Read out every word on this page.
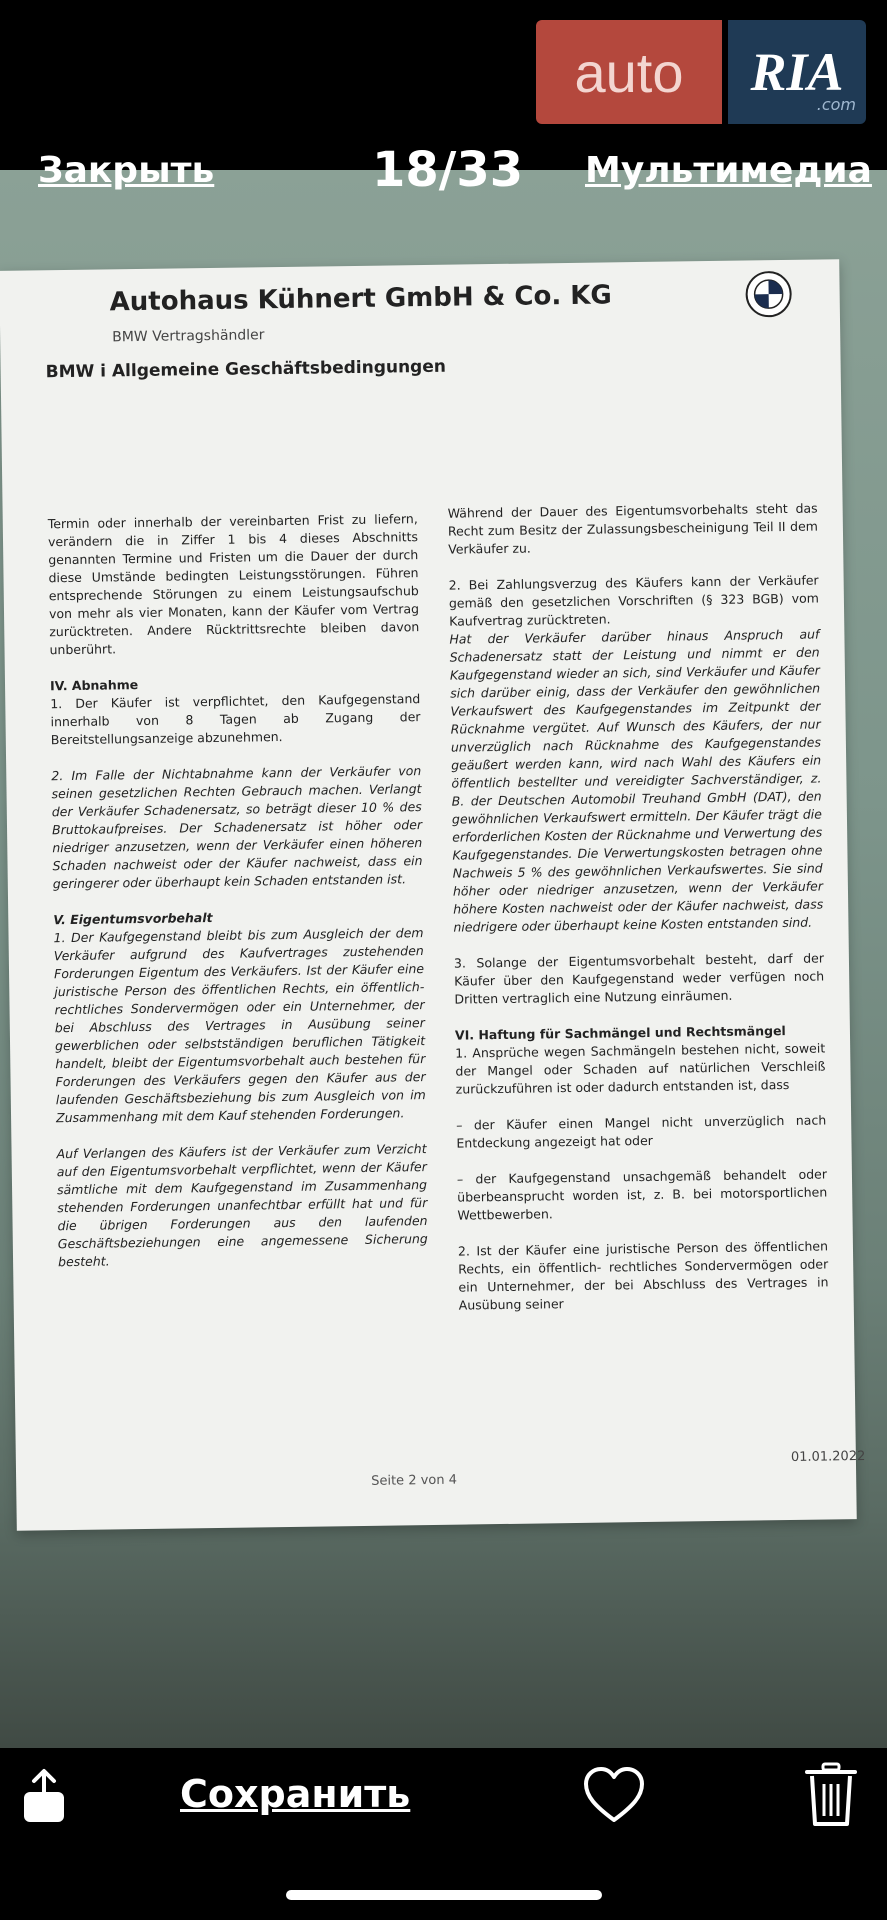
auto RIA
.com
Autohaus Kühnert GmbH & Co. KG
BMW Vertragshändler
BMW i Allgemeine Geschäftsbedingungen

Termin oder innerhalb der vereinbarten Frist zu liefern, verändern die in Ziffer 1 bis 4 dieses Abschnitts genannten Termine und Fristen um die Dauer der durch diese Umstände bedingten Leistungsstörungen. Führen entsprechende Störungen zu einem Leistungsaufschub von mehr als vier Monaten, kann der Käufer vom Vertrag zurücktreten. Andere Rücktrittsrechte bleiben davon unberührt.

IV. Abnahme

1. Der Käufer ist verpflichtet, den Kaufgegenstand innerhalb von 8 Tagen ab Zugang der Bereitstellungsanzeige abzunehmen.

2. Im Falle der Nichtabnahme kann der Verkäufer von seinen gesetzlichen Rechten Gebrauch machen. Verlangt der Verkäufer Schadenersatz, so beträgt dieser 10 % des Bruttokaufpreises. Der Schadenersatz ist höher oder niedriger anzusetzen, wenn der Verkäufer einen höheren Schaden nachweist oder der Käufer nachweist, dass ein geringerer oder überhaupt kein Schaden entstanden ist.

V. Eigentumsvorbehalt

1. Der Kaufgegenstand bleibt bis zum Ausgleich der dem Verkäufer aufgrund des Kaufvertrages zustehenden Forderungen Eigentum des Verkäufers. Ist der Käufer eine juristische Person des öffentlichen Rechts, ein öffentlich-rechtliches Sondervermögen oder ein Unternehmer, der bei Abschluss des Vertrages in Ausübung seiner gewerblichen oder selbstständigen beruflichen Tätigkeit handelt, bleibt der Eigentumsvorbehalt auch bestehen für Forderungen des Verkäufers gegen den Käufer aus der laufenden Geschäftsbeziehung bis zum Ausgleich von im Zusammenhang mit dem Kauf stehenden Forderungen.

Auf Verlangen des Käufers ist der Verkäufer zum Verzicht auf den Eigentumsvorbehalt verpflichtet, wenn der Käufer sämtliche mit dem Kaufgegenstand im Zusammenhang stehenden Forderungen unanfechtbar erfüllt hat und für die übrigen Forderungen aus den laufenden Geschäftsbeziehungen eine angemessene Sicherung besteht.

Während der Dauer des Eigentumsvorbehalts steht das Recht zum Besitz der Zulassungsbescheinigung Teil II dem Verkäufer zu.

2. Bei Zahlungsverzug des Käufers kann der Verkäufer gemäß den gesetzlichen Vorschriften (§ 323 BGB) vom Kaufvertrag zurücktreten.

Hat der Verkäufer darüber hinaus Anspruch auf Schadenersatz statt der Leistung und nimmt er den Kaufgegenstand wieder an sich, sind Verkäufer und Käufer sich darüber einig, dass der Verkäufer den gewöhnlichen Verkaufswert des Kaufgegenstandes im Zeitpunkt der Rücknahme vergütet. Auf Wunsch des Käufers, der nur unverzüglich nach Rücknahme des Kaufgegenstandes geäußert werden kann, wird nach Wahl des Käufers ein öffentlich bestellter und vereidigter Sachverständiger, z. B. der Deutschen Automobil Treuhand GmbH (DAT), den gewöhnlichen Verkaufswert ermitteln. Der Käufer trägt die erforderlichen Kosten der Rücknahme und Verwertung des Kaufgegenstandes. Die Verwertungskosten betragen ohne Nachweis 5 % des gewöhnlichen Verkaufswertes. Sie sind höher oder niedriger anzusetzen, wenn der Verkäufer höhere Kosten nachweist oder der Käufer nachweist, dass niedrigere oder überhaupt keine Kosten entstanden sind.

3. Solange der Eigentumsvorbehalt besteht, darf der Käufer über den Kaufgegenstand weder verfügen noch Dritten vertraglich eine Nutzung einräumen.

VI. Haftung für Sachmängel und Rechtsmängel

1. Ansprüche wegen Sachmängeln bestehen nicht, soweit der Mangel oder Schaden auf natürlichen Verschleiß zurückzuführen ist oder dadurch entstanden ist, dass

– der Käufer einen Mangel nicht unverzüglich nach Entdeckung angezeigt hat oder

– der Kaufgegenstand unsachgemäß behandelt oder überbeansprucht worden ist, z. B. bei motorsportlichen Wettbewerben.

2. Ist der Käufer eine juristische Person des öffentlichen Rechts, ein öffentlich- rechtliches Sondervermögen oder ein Unternehmer, der bei Abschluss des Vertrages in Ausübung seiner

01.01.2022
Seite 2 von 4
Закрыть	18/33 Мультимедиа
Сохранить
